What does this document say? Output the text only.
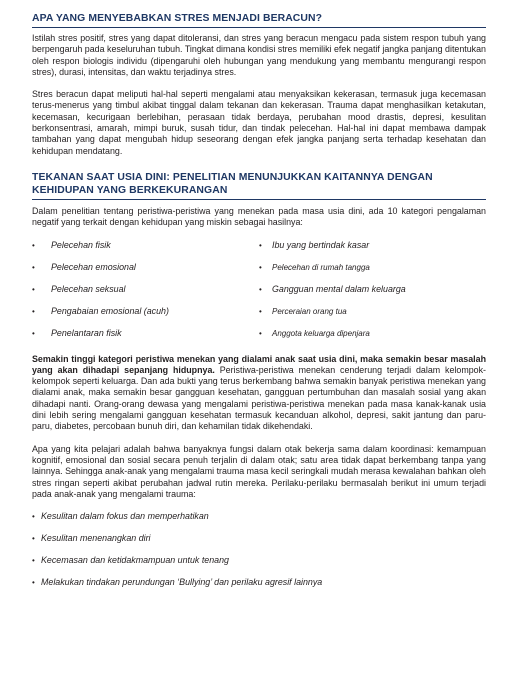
APA YANG MENYEBABKAN STRES MENJADI BERACUN?

Istilah stres positif, stres yang dapat ditoleransi, dan stres yang beracun mengacu pada sistem respon tubuh yang berpengaruh pada keseluruhan tubuh. Tingkat dimana kondisi stres memiliki efek negatif jangka panjang ditentukan oleh respon biologis individu (dipengaruhi oleh hubungan yang mendukung yang membantu mengurangi respon stres), durasi, intensitas, dan waktu terjadinya stres.

Stres beracun dapat meliputi hal-hal seperti mengalami atau menyaksikan kekerasan, termasuk juga kecemasan terus-menerus yang timbul akibat tinggal dalam tekanan dan kekerasan. Trauma dapat menghasilkan ketakutan, kecemasan, kecurigaan berlebihan, perasaan tidak berdaya, perubahan mood drastis, depresi, kesulitan berkonsentrasi, amarah, mimpi buruk, susah tidur, dan tindak pelecehan. Hal-hal ini dapat membawa dampak tambahan yang dapat mengubah hidup seseorang dengan efek jangka panjang serta terhadap kesehatan dan kehidupan mendatang.

TEKANAN SAAT USIA DINI: PENELITIAN MENUNJUKKAN KAITANNYA DENGAN
KEHIDUPAN YANG BERKEKURANGAN

Dalam penelitian tentang peristiwa-peristiwa yang menekan pada masa usia dini, ada 10 kategori pengalaman negatif yang terkait dengan kehidupan yang miskin sebagai hasilnya:

• Pelecehan fisik
• Pelecehan emosional
• Pelecehan seksual
• Pengabaian emosional (acuh)
• Penelantaran fisik
• Ibu yang berti​ndak kasar
• Pelecehan di rumah tangga
• Gangguan mental dalam keluarga
• Perceraian orang tua
• Anggota keluarga dipenjara

Semakin tinggi kategori peristiwa menekan yang dialami anak saat usia dini, maka semakin besar masalah yang akan dihadapi sepanjang hidupnya. Peristiwa-peristiwa menekan cenderung terjadi dalam kelompok-kelompok seperti keluarga. Dan ada bukti yang terus berkembang bahwa semakin banyak peristiwa menekan yang dialami anak, maka semakin besar gangguan kesehatan, gangguan pertumbuhan dan masalah sosial yang akan dihadapi nanti. Orang-orang dewasa yang mengalami peristiwa-peristiwa menekan pada masa kanak-kanak usia dini lebih sering mengalami gangguan kesehatan termasuk kecanduan alkohol, depresi, sakit jantung dan paru-paru, diabetes, percobaan bunuh diri, dan kehamilan tidak dikehendaki.

Apa yang kita pelajari adalah bahwa banyaknya fungsi dalam otak bekerja sama dalam koordinasi: kemampuan kognitif, emosional dan sosial secara penuh terjalin di dalam otak; satu area tidak dapat berkembang tanpa yang lainnya. Sehingga anak-anak yang mengalami trauma masa kecil seringkali mudah merasa kewalahan bahkan oleh stres ringan seperti akibat perubahan jadwal rutin mereka. Perilaku-perilaku bermasalah berikut ini umum terjadi pada anak-anak yang mengalami trauma:

• Kesulitan dalam fokus dan memperhatikan
• Kesulitan menenangkan diri
• Kecemasan dan ketidakmampuan untuk tenang
• Melakukan tindakan perundungan ‘Bullying’ dan perilaku agresif lainnya
